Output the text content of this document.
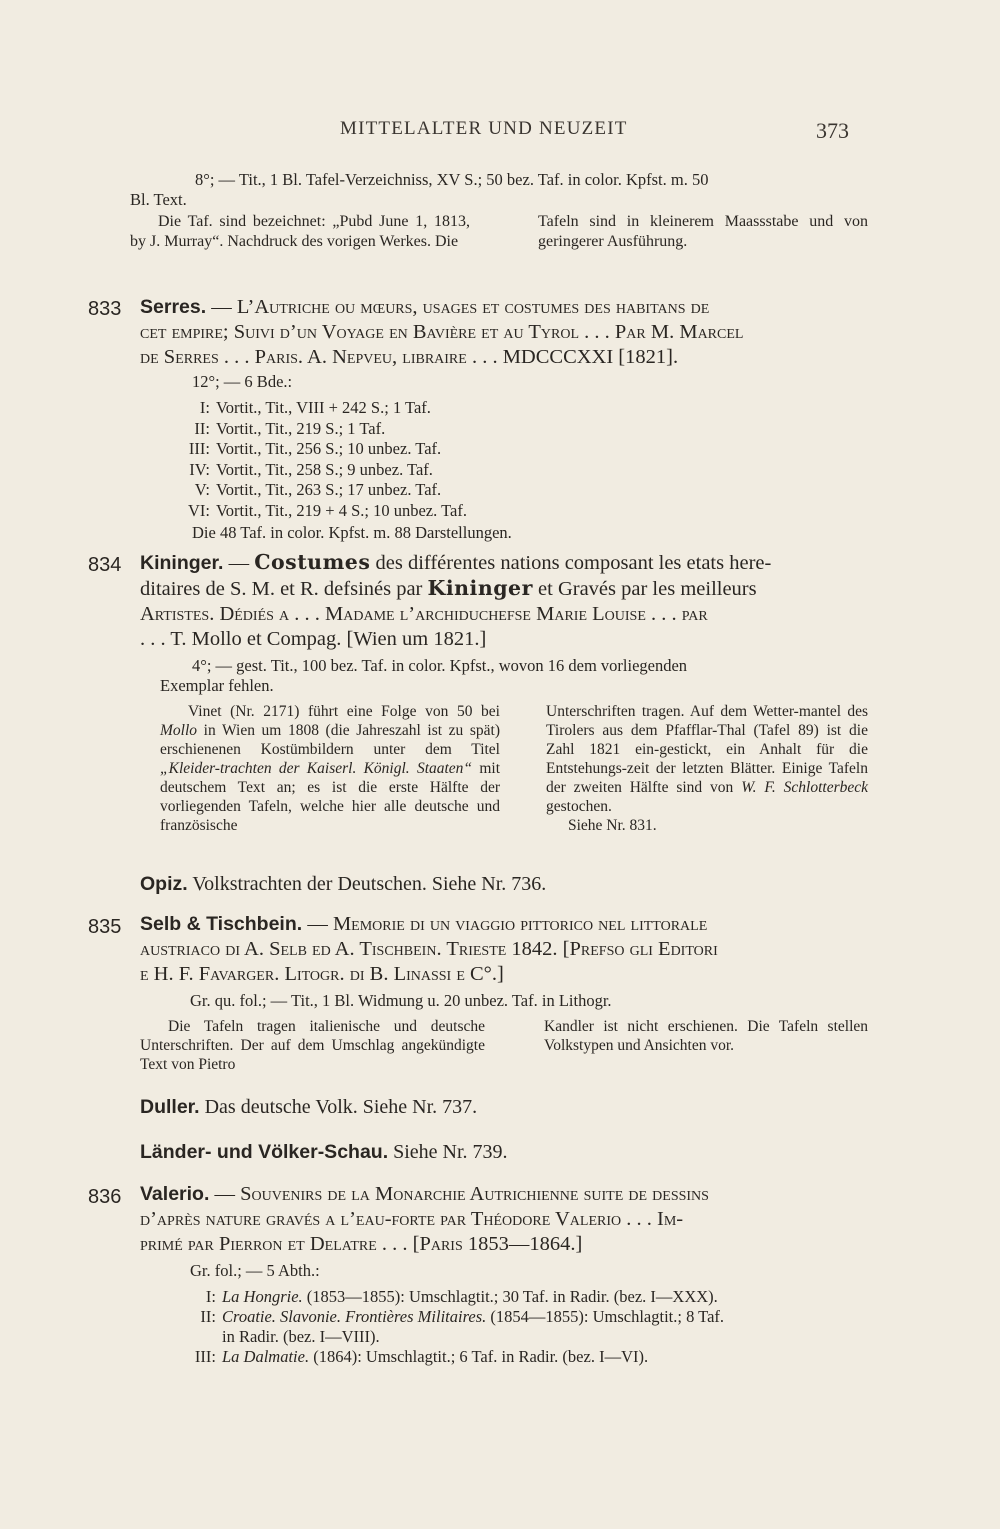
MITTELALTER UND NEUZEIT	373

8°; — Tit., 1 Bl. Tafel-Verzeichniss, XV S.; 50 bez. Taf. in color. Kpfst. m. 50

Bl. Text.

Die Taf. sind bezeichnet: „Pubd June 1, 1813, by J. Murray“. Nachdruck des vorigen Werkes. Die
Tafeln sind in kleinerem Maassstabe und von geringerer Ausführung.
833 Serres. — L’Autriche ou mœurs, usages et costumes des habitans de

cet empire; Suivi d’un Voyage en Bavière et au Tyrol . . . Par M. Marcel

de Serres . . . Paris. A. Nepveu, libraire . . . MDCCCXXI [1821].

12°; — 6 Bde.:

I: Vortit., Tit., VIII + 242 S.; 1 Taf.
II: Vortit., Tit., 219 S.; 1 Taf.
III: Vortit., Tit., 256 S.; 10 unbez. Taf.
IV: Vortit., Tit., 258 S.; 9 unbez. Taf.
V: Vortit., Tit., 263 S.; 17 unbez. Taf.
VI: Vortit., Tit., 219 + 4 S.; 10 unbez. Taf.

Die 48 Taf. in color. Kpfst. m. 88 Darstellungen.

834 Kininger. — Costumes des différentes nations composant les etats here-

ditaires de S. M. et R. defsinés par Kininger et Gravés par les meilleurs

Artistes. Dédiés a . . . Madame l’archiduchefse Marie Louise . . . par

. . . T. Mollo et Compag. [Wien um 1821.]

4°; — gest. Tit., 100 bez. Taf. in color. Kpfst., wovon 16 dem vorliegenden

Exemplar fehlen.

Vinet (Nr. 2171) führt eine Folge von 50 bei Mollo in Wien um 1808 (die Jahreszahl ist zu spät) erschienenen Kostümbildern unter dem Titel „Kleider-trachten der Kaiserl. Königl. Staaten“ mit deutschem Text an; es ist die erste Hälfte der vorliegenden Tafeln, welche hier alle deutsche und französische

Unterschriften tragen. Auf dem Wetter-mantel des Tirolers aus dem Pfafflar-Thal (Tafel 89) ist die Zahl 1821 ein-gestickt, ein Anhalt für die Entstehungs-zeit der letzten Blätter. Einige Tafeln der zweiten Hälfte sind von W. F. Schlotterbeck gestochen.

Siehe Nr. 831.

Opiz. Volkstrachten der Deutschen. Siehe Nr. 736.

835 Selb & Tischbein. — Memorie di un viaggio pittorico nel littorale

austriaco di A. Selb ed A. Tischbein. Trieste 1842. [Prefso gli Editori

e H. F. Favarger. Litogr. di B. Linassi e C°.]

Gr. qu. fol.; — Tit., 1 Bl. Widmung u. 20 unbez. Taf. in Lithogr.

Die Tafeln tragen italienische und deutsche Unterschriften. Der auf dem Umschlag angekündigte Text von Pietro
Kandler ist nicht erschienen. Die Tafeln stellen Volkstypen und Ansichten vor.

Duller. Das deutsche Volk. Siehe Nr. 737.

Länder- und Völker-Schau. Siehe Nr. 739.

836 Valerio. — Souvenirs de la Monarchie Autrichienne suite de dessins

d’après nature gravés a l’eau-forte par Théodore Valerio . . . Im-

primé par Pierron et Delatre . . . [Paris 1853—1864.]

Gr. fol.; — 5 Abth.:

I: La Hongrie. (1853—1855): Umschlagtit.; 30 Taf. in Radir. (bez. I—XXX).
II: Croatie. Slavonie. Frontières Militaires. (1854—1855): Umschlagtit.; 8 Taf.
in Radir. (bez. I—VIII).
III: La Dalmatie. (1864): Umschlagtit.; 6 Taf. in Radir. (bez. I—VI).
